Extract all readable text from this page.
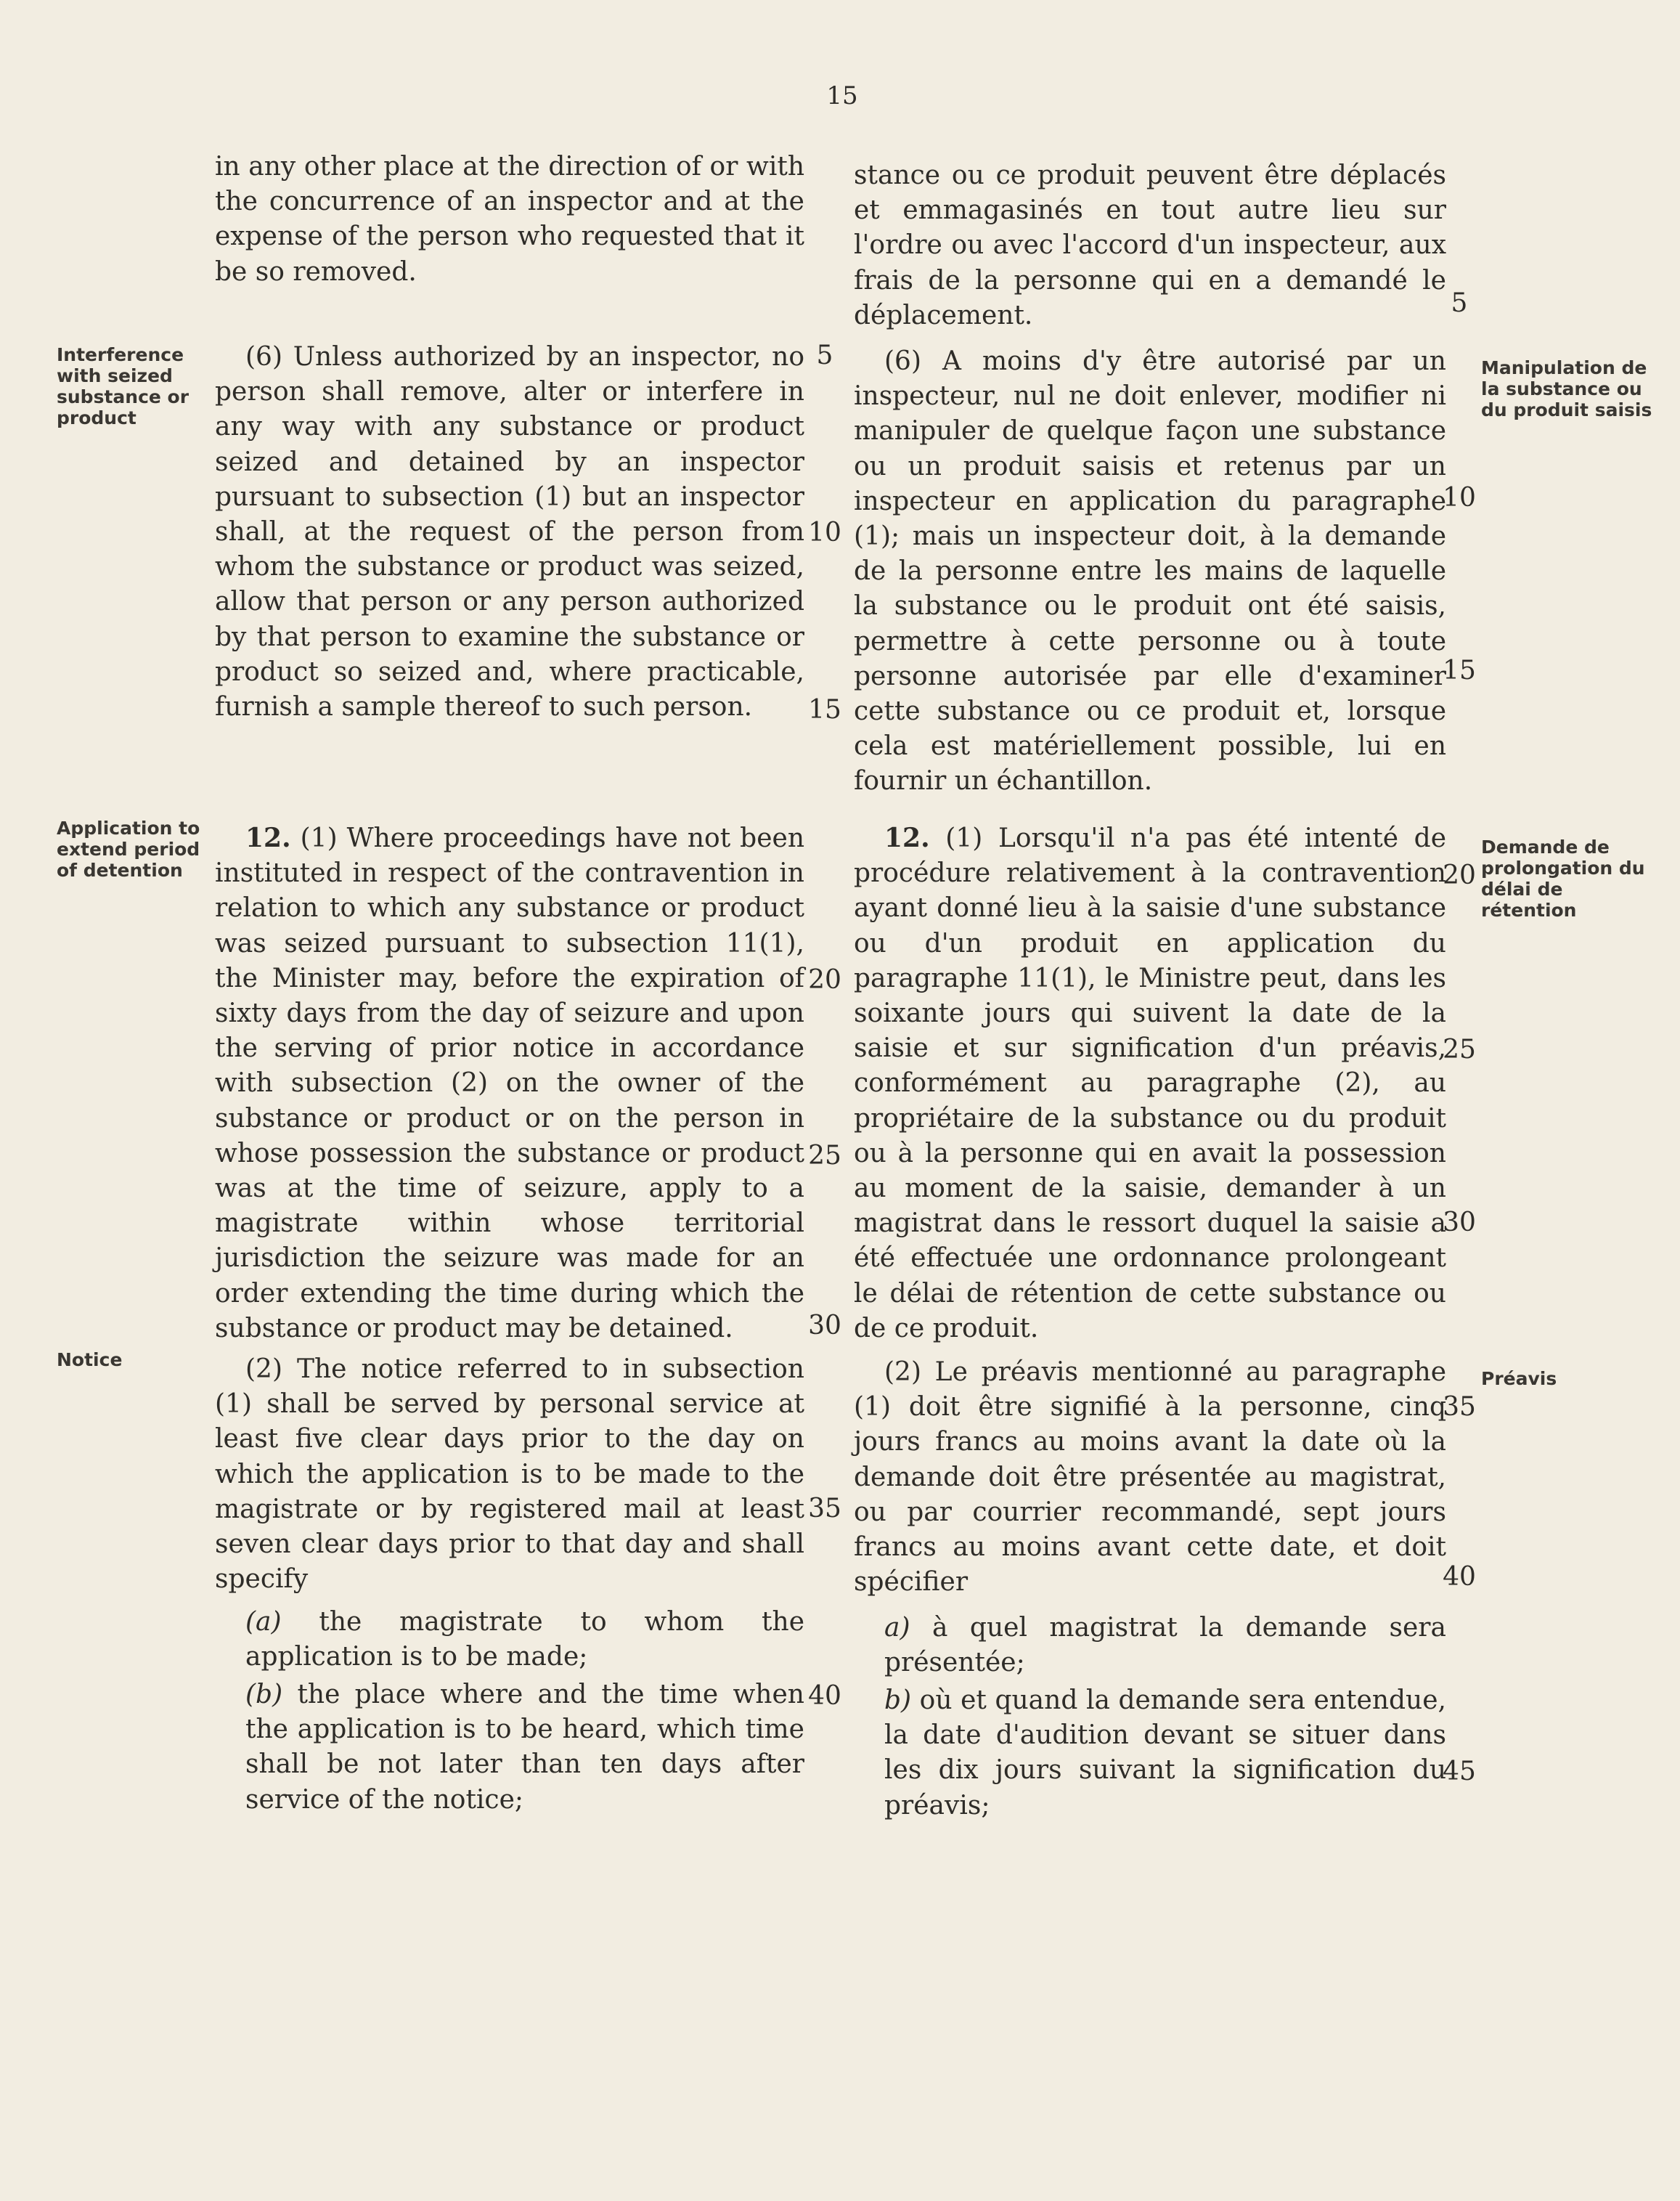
15
Interference with seized substance or product
Application to extend period of detention
Notice
Manipulation de la substance ou du produit saisis
Demande de prolongation du délai de rétention
Préavis

in any other place at the direction of or with the concurrence of an inspector and at the expense of the person who requested that it be so removed.

(6) Unless authorized by an inspector, no person shall remove, alter or interfere in any way with any substance or product seized and detained by an inspector pursuant to subsection (1) but an inspector shall, at the request of the person from whom the substance or product was seized, allow that person or any person authorized by that person to examine the substance or product so seized and, where practicable, furnish a sample thereof to such person.

12. (1) Where proceedings have not been instituted in respect of the contravention in relation to which any substance or product was seized pursuant to subsection 11(1), the Minister may, before the expiration of sixty days from the day of seizure and upon the serving of prior notice in accordance with subsection (2) on the owner of the substance or product or on the person in whose possession the substance or product was at the time of seizure, apply to a magistrate within whose territorial jurisdiction the seizure was made for an order extending the time during which the substance or product may be detained.

(2) The notice referred to in subsection (1) shall be served by personal service at least five clear days prior to the day on which the application is to be made to the magistrate or by registered mail at least seven clear days prior to that day and shall specify

(a) the magistrate to whom the application is to be made;

(b) the place where and the time when the application is to be heard, which time shall be not later than ten days after service of the notice;

5
10
15
20
25
30
35
40

stance ou ce produit peuvent être déplacés et emmagasinés en tout autre lieu sur l'ordre ou avec l'accord d'un inspecteur, aux frais de la personne qui en a demandé le déplacement.

(6) A moins d'y être autorisé par un inspecteur, nul ne doit enlever, modifier ni manipuler de quelque façon une substance ou un produit saisis et retenus par un inspecteur en application du paragraphe (1); mais un inspecteur doit, à la demande de la personne entre les mains de laquelle la substance ou le produit ont été saisis, permettre à cette personne ou à toute personne autorisée par elle d'examiner cette substance ou ce produit et, lorsque cela est matériellement possible, lui en fournir un échantillon.

12. (1) Lorsqu'il n'a pas été intenté de procédure relativement à la contravention ayant donné lieu à la saisie d'une substance ou d'un produit en application du paragraphe 11(1), le Ministre peut, dans les soixante jours qui suivent la date de la saisie et sur signification d'un préavis, conformément au paragraphe (2), au propriétaire de la substance ou du produit ou à la personne qui en avait la possession au moment de la saisie, demander à un magistrat dans le ressort duquel la saisie a été effectuée une ordonnance prolongeant le délai de rétention de cette substance ou de ce produit.

(2) Le préavis mentionné au paragraphe (1) doit être signifié à la personne, cinq jours francs au moins avant la date où la demande doit être présentée au magistrat, ou par courrier recommandé, sept jours francs au moins avant cette date, et doit spécifier

a) à quel magistrat la demande sera présentée;

b) où et quand la demande sera entendue, la date d'audition devant se situer dans les dix jours suivant la signification du préavis;

5
10
15
20
25
30
35
40
45
